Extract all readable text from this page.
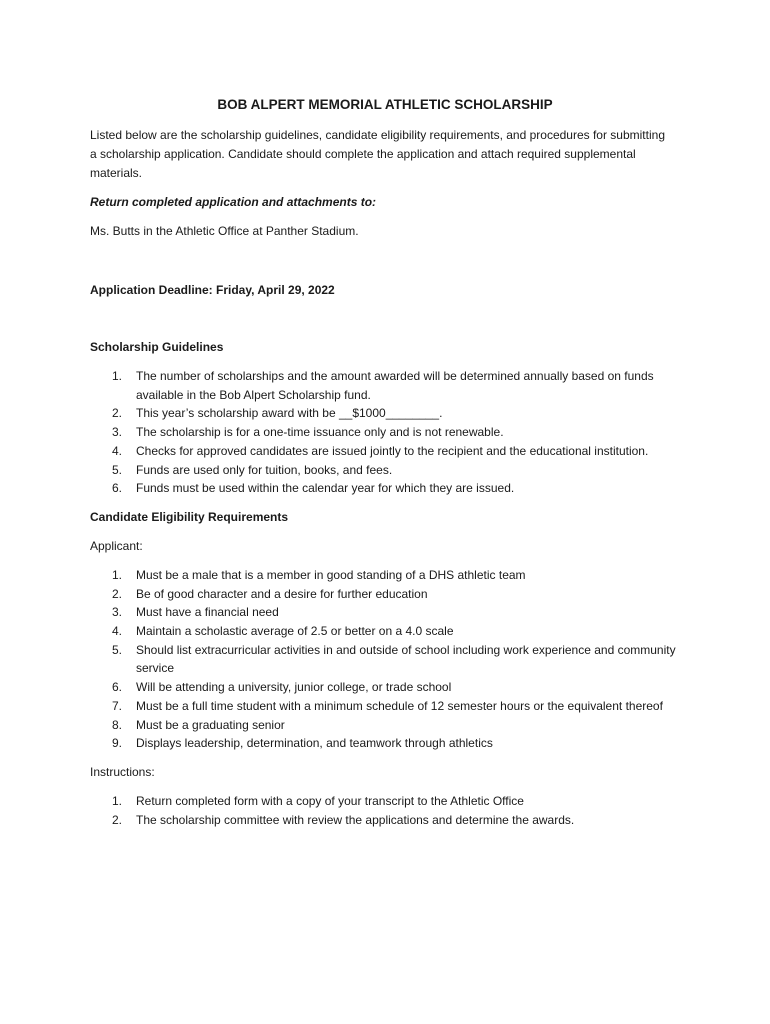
BOB ALPERT MEMORIAL ATHLETIC SCHOLARSHIP
Listed below are the scholarship guidelines, candidate eligibility requirements, and procedures for submitting a scholarship application. Candidate should complete the application and attach required supplemental materials.
Return completed application and attachments to:
Ms. Butts in the Athletic Office at Panther Stadium.
Application Deadline: Friday, April 29, 2022
Scholarship Guidelines
1. The number of scholarships and the amount awarded will be determined annually based on funds available in the Bob Alpert Scholarship fund.
2. This year’s scholarship award with be __$1000________.
3. The scholarship is for a one-time issuance only and is not renewable.
4. Checks for approved candidates are issued jointly to the recipient and the educational institution.
5. Funds are used only for tuition, books, and fees.
6. Funds must be used within the calendar year for which they are issued.
Candidate Eligibility Requirements
Applicant:
1. Must be a male that is a member in good standing of a DHS athletic team
2. Be of good character and a desire for further education
3. Must have a financial need
4. Maintain a scholastic average of 2.5 or better on a 4.0 scale
5. Should list extracurricular activities in and outside of school including work experience and community service
6. Will be attending a university, junior college, or trade school
7. Must be a full time student with a minimum schedule of 12 semester hours or the equivalent thereof
8. Must be a graduating senior
9. Displays leadership, determination, and teamwork through athletics
Instructions:
1. Return completed form with a copy of your transcript to the Athletic Office
2. The scholarship committee with review the applications and determine the awards.
